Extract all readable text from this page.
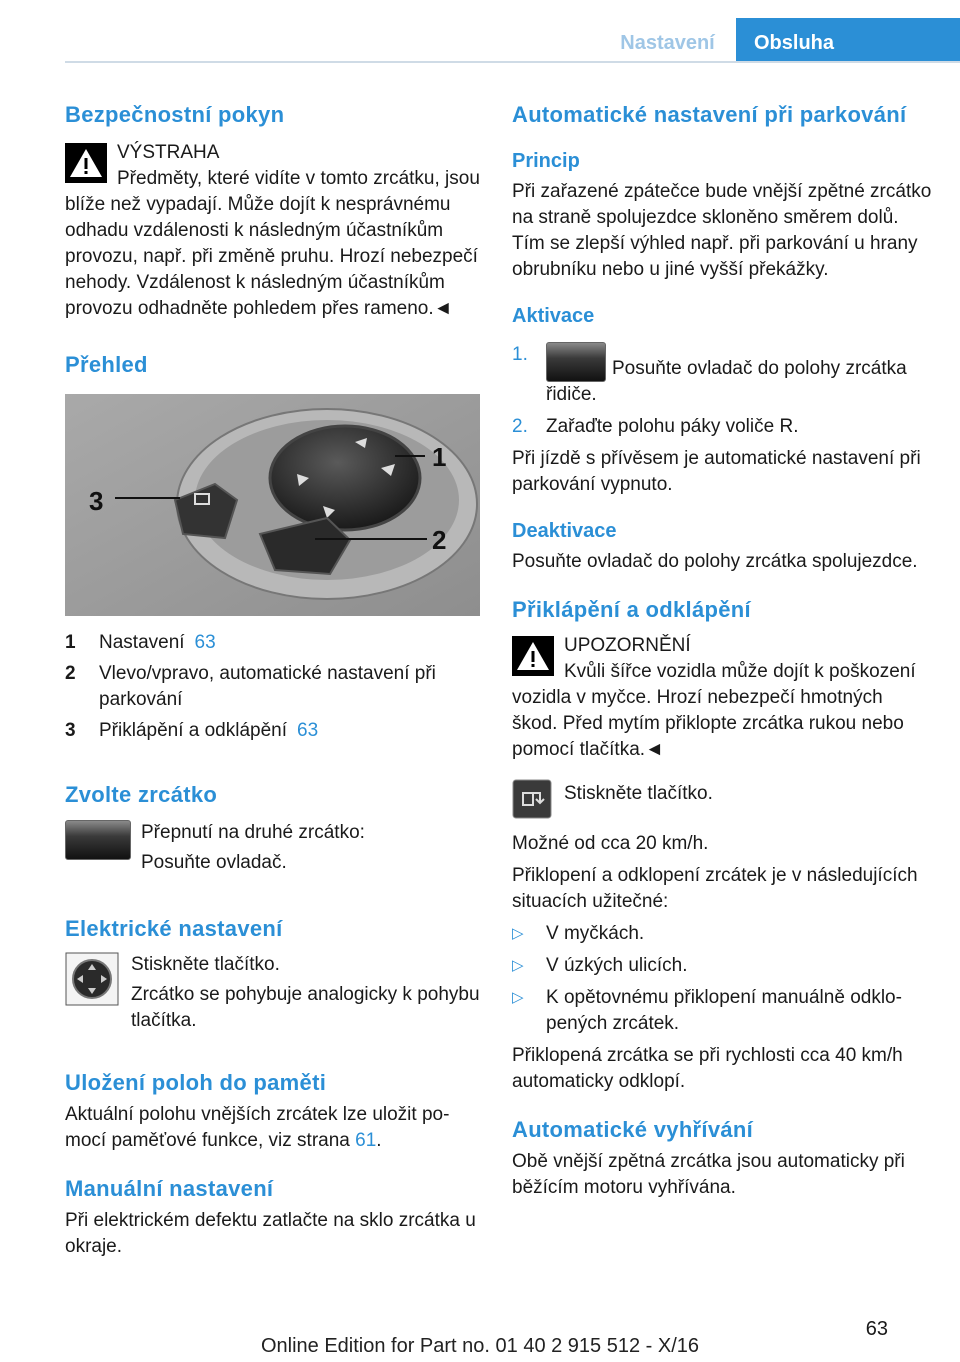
Nastavení	Obsluha
Bezpečnostní pokyn

VÝSTRAHA

Předměty, které vidíte v tomto zrcátku, jsou blíže než vypadají. Může dojít k nesprávnému odhadu vzdálenosti k následným účastníkům provozu, např. při změně pruhu. Hrozí nebezpečí nehody. Vzdálenost k následným účastníkům provozu odhadněte pohledem přes rameno.◄

Přehled
1
2
3
1 Nastavení 63
2 Vlevo/vpravo, automatické nastavení při parkování
3 Přiklápění a odklápění 63
Zvolte zrcátko

Přepnutí na druhé zrcátko:

Posuňte ovladač.

Elektrické nastavení

Stiskněte tlačítko.

Zrcátko se pohybuje analogicky k pohybu tlačítka.

Uložení poloh do paměti

Aktuální polohu vnějších zrcátek lze uložit pomocí paměťové funkce, viz strana 61.

Manuální nastavení

Při elektrickém defektu zatlačte na sklo zrcátka u okraje.

Automatické nastavení při parkování
Princip

Při zařazené zpátečce bude vnější zpětné zrcátko na straně spolujezdce skloněno směrem dolů. Tím se zlepší výhled např. při parkování u hrany obrubníku nebo u jiné vyšší překážky.

Aktivace
1.
Posuňte ovladač do polohy zrcátka řidiče.
2. Zařaďte polohu páky voliče R.

Při jízdě s přívěsem je automatické nastavení při parkování vypnuto.

Deaktivace

Posuňte ovladač do polohy zrcátka spolujezdce.

Přiklápění a odklápění

UPOZORNĚNÍ

Kvůli šířce vozidla může dojít k poškození vozidla v myčce. Hrozí nebezpečí hmotných škod. Před mytím přiklopte zrcátka rukou nebo pomocí tlačítka.◄

Stiskněte tlačítko.

Možné od cca 20 km/h.

Přiklopení a odklopení zrcátek je v následujících situacích užitečné:

▷ V myčkách.
▷ V úzkých ulicích.
▷ K opětovnému přiklopení manuálně odklopených zrcátek.

Přiklopená zrcátka se při rychlosti cca 40 km/h automaticky odklopí.

Automatické vyhřívání

Obě vnější zpětná zrcátka jsou automaticky při běžícím motoru vyhřívána.

63
Online Edition for Part no. 01 40 2 915 512 - X/16
